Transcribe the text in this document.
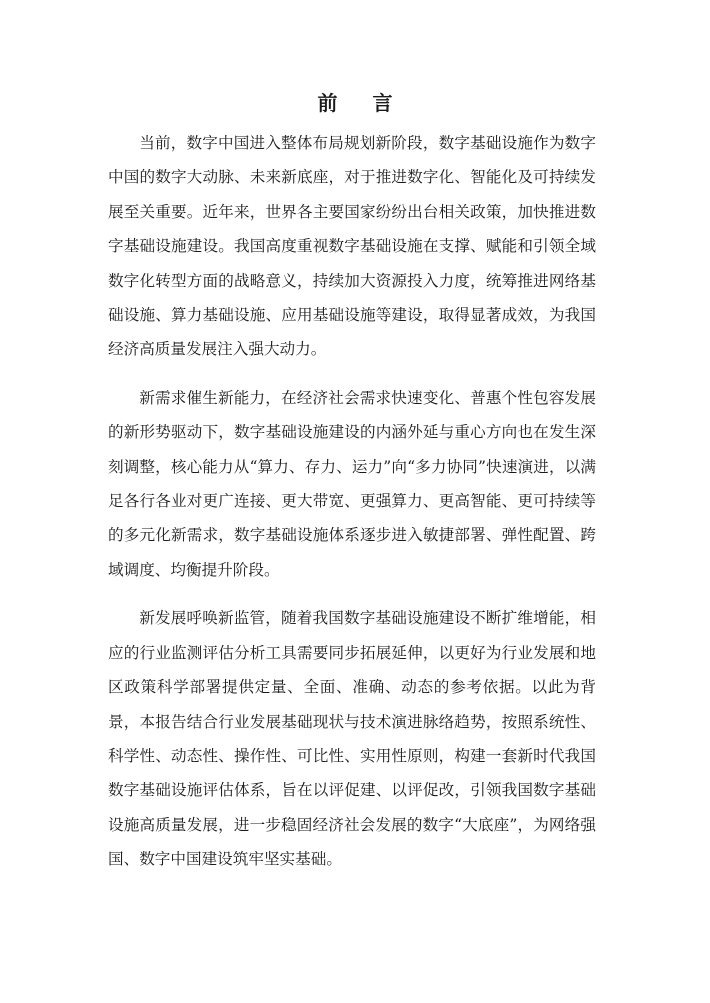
前 言

当前，数字中国进入整体布局规划新阶段，数字基础设施作为数字中国的数字大动脉、未来新底座，对于推进数字化、智能化及可持续发展至关重要。近年来，世界各主要国家纷纷出台相关政策，加快推进数字基础设施建设。我国高度重视数字基础设施在支撑、赋能和引领全域数字化转型方面的战略意义，持续加大资源投入力度，统筹推进网络基础设施、算力基础设施、应用基础设施等建设，取得显著成效，为我国经济高质量发展注入强大动力。

新需求催生新能力，在经济社会需求快速变化、普惠个性包容发展的新形势驱动下，数字基础设施建设的内涵外延与重心方向也在发生深刻调整，核心能力从“算力、存力、运力”向“多力协同”快速演进，以满足各行各业对更广连接、更大带宽、更强算力、更高智能、更可持续等的多元化新需求，数字基础设施体系逐步进入敏捷部署、弹性配置、跨域调度、均衡提升阶段。

新发展呼唤新监管，随着我国数字基础设施建设不断扩维增能，相应的行业监测评估分析工具需要同步拓展延伸，以更好为行业发展和地区政策科学部署提供定量、全面、准确、动态的参考依据。以此为背景，本报告结合行业发展基础现状与技术演进脉络趋势，按照系统性、科学性、动态性、操作性、可比性、实用性原则，构建一套新时代我国数字基础设施评估体系，旨在以评促建、以评促改，引领我国数字基础设施高质量发展，进一步稳固经济社会发展的数字“大底座”，为网络强国、数字中国建设筑牢坚实基础。
